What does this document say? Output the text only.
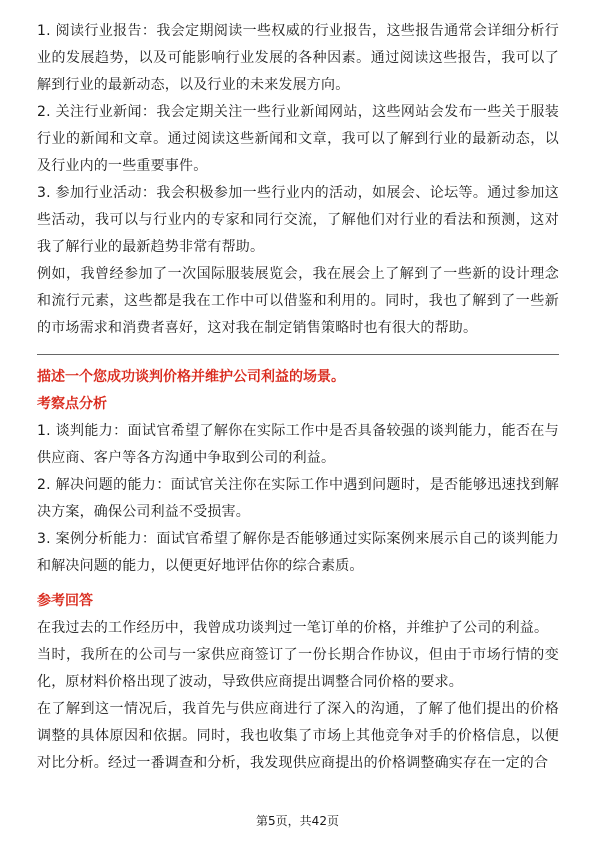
1. 阅读行业报告：我会定期阅读一些权威的行业报告，这些报告通常会详细分析行业的发展趋势，以及可能影响行业发展的各种因素。通过阅读这些报告，我可以了解到行业的最新动态，以及行业的未来发展方向。

2. 关注行业新闻：我会定期关注一些行业新闻网站，这些网站会发布一些关于服装行业的新闻和文章。通过阅读这些新闻和文章，我可以了解到行业的最新动态，以及行业内的一些重要事件。

3. 参加行业活动：我会积极参加一些行业内的活动，如展会、论坛等。通过参加这些活动，我可以与行业内的专家和同行交流，了解他们对行业的看法和预测，这对我了解行业的最新趋势非常有帮助。

例如，我曾经参加了一次国际服装展览会，我在展会上了解到了一些新的设计理念和流行元素，这些都是我在工作中可以借鉴和利用的。同时，我也了解到了一些新的市场需求和消费者喜好，这对我在制定销售策略时也有很大的帮助。

描述一个您成功谈判价格并维护公司利益的场景。

考察点分析

1. 谈判能力：面试官希望了解你在实际工作中是否具备较强的谈判能力，能否在与供应商、客户等各方沟通中争取到公司的利益。

2. 解决问题的能力：面试官关注你在实际工作中遇到问题时，是否能够迅速找到解决方案，确保公司利益不受损害。

3. 案例分析能力：面试官希望了解你是否能够通过实际案例来展示自己的谈判能力和解决问题的能力，以便更好地评估你的综合素质。

参考回答

在我过去的工作经历中，我曾成功谈判过一笔订单的价格，并维护了公司的利益。

当时，我所在的公司与一家供应商签订了一份长期合作协议，但由于市场行情的变化，原材料价格出现了波动，导致供应商提出调整合同价格的要求。

在了解到这一情况后，我首先与供应商进行了深入的沟通，了解了他们提出的价格调整的具体原因和依据。同时，我也收集了市场上其他竞争对手的价格信息，以便对比分析。经过一番调查和分析，我发现供应商提出的价格调整确实存在一定的合

第5页，共42页
